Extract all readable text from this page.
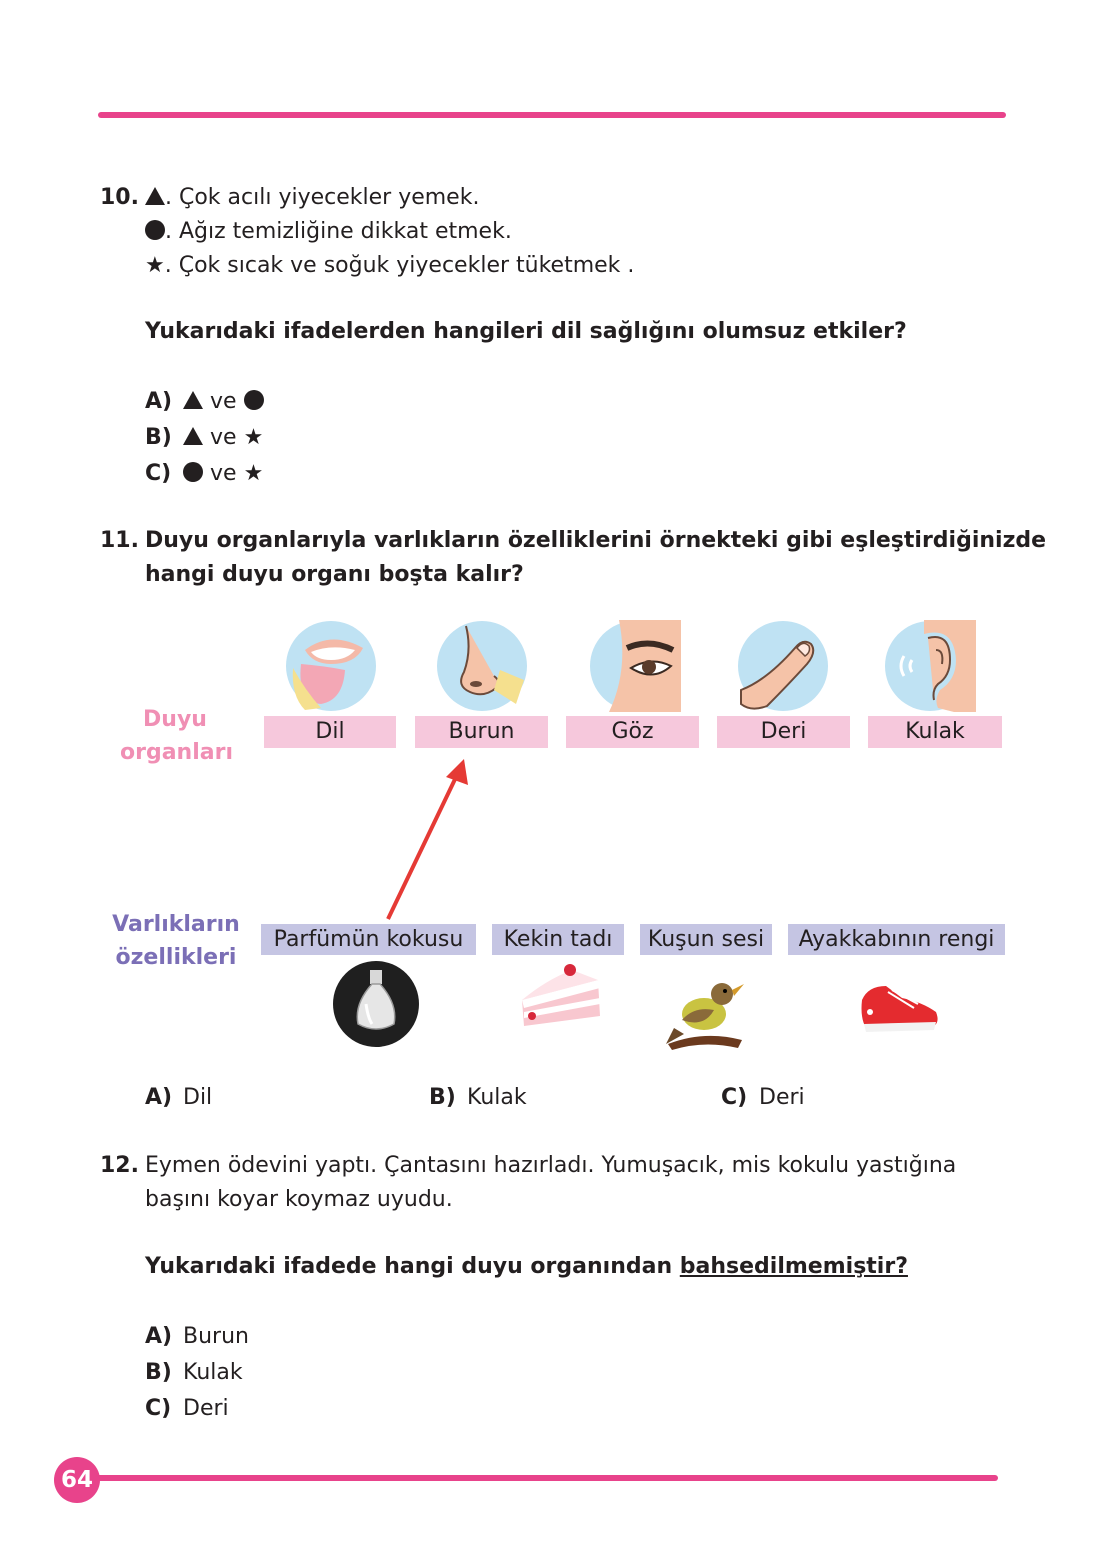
10.	. Çok acılı yiyecekler yemek.
. Ağız temizliğine dikkat etmek.
★. Çok sıcak ve soğuk yiyecekler tüketmek .
Yukarıdaki ifadelerden hangileri dil sağlığını olumsuz etkiler?
A) ve
B) ve ★
C) ve ★
11. Duyu organlarıyla varlıkların özelliklerini örnekteki gibi eşleştirdiğinizde
hangi duyu organı boşta kalır?
Duyu
organları
Varlıkların
özellikleri
Dil	Burun	Göz	Deri	Kulak
Parfümün kokusu	Kekin tadı	Kuşun sesi	Ayakkabının rengi
A) Dil	B) Kulak	C) Deri
12. Eymen ödevini yaptı. Çantasını hazırladı. Yumuşacık, mis kokulu yastığına
başını koyar koymaz uyudu.
Yukarıdaki ifadede hangi duyu organından bahsedilmemiştir?
A) Burun
B) Kulak
C) Deri
64
